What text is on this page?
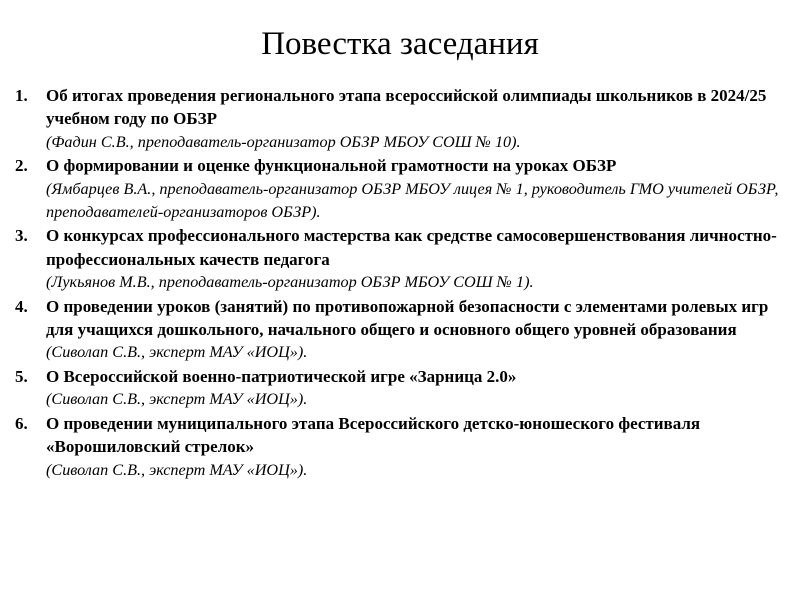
Повестка заседания
1. Об итогах проведения регионального этапа всероссийской олимпиады школьников в 2024/25 учебном году по ОБЗР
(Фадин С.В., преподаватель-организатор ОБЗР МБОУ СОШ № 10).
2. О формировании и оценке функциональной грамотности на уроках ОБЗР
(Ямбарцев В.А., преподаватель-организатор ОБЗР МБОУ лицея № 1, руководитель ГМО учителей ОБЗР, преподавателей-организаторов ОБЗР).
3. О конкурсах профессионального мастерства как средстве самосовершенствования личностно-профессиональных качеств педагога
(Лукьянов М.В., преподаватель-организатор ОБЗР МБОУ СОШ № 1).
4. О проведении уроков (занятий) по противопожарной безопасности с элементами ролевых игр для учащихся дошкольного, начального общего и основного общего уровней образования
(Сиволап С.В., эксперт МАУ «ИОЦ»).
5. О Всероссийской военно-патриотической игре «Зарница 2.0»
(Сиволап С.В., эксперт МАУ «ИОЦ»).
6. О проведении муниципального этапа Всероссийского детско-юношеского фестиваля «Ворошиловский стрелок»
(Сиволап С.В., эксперт МАУ «ИОЦ»).
